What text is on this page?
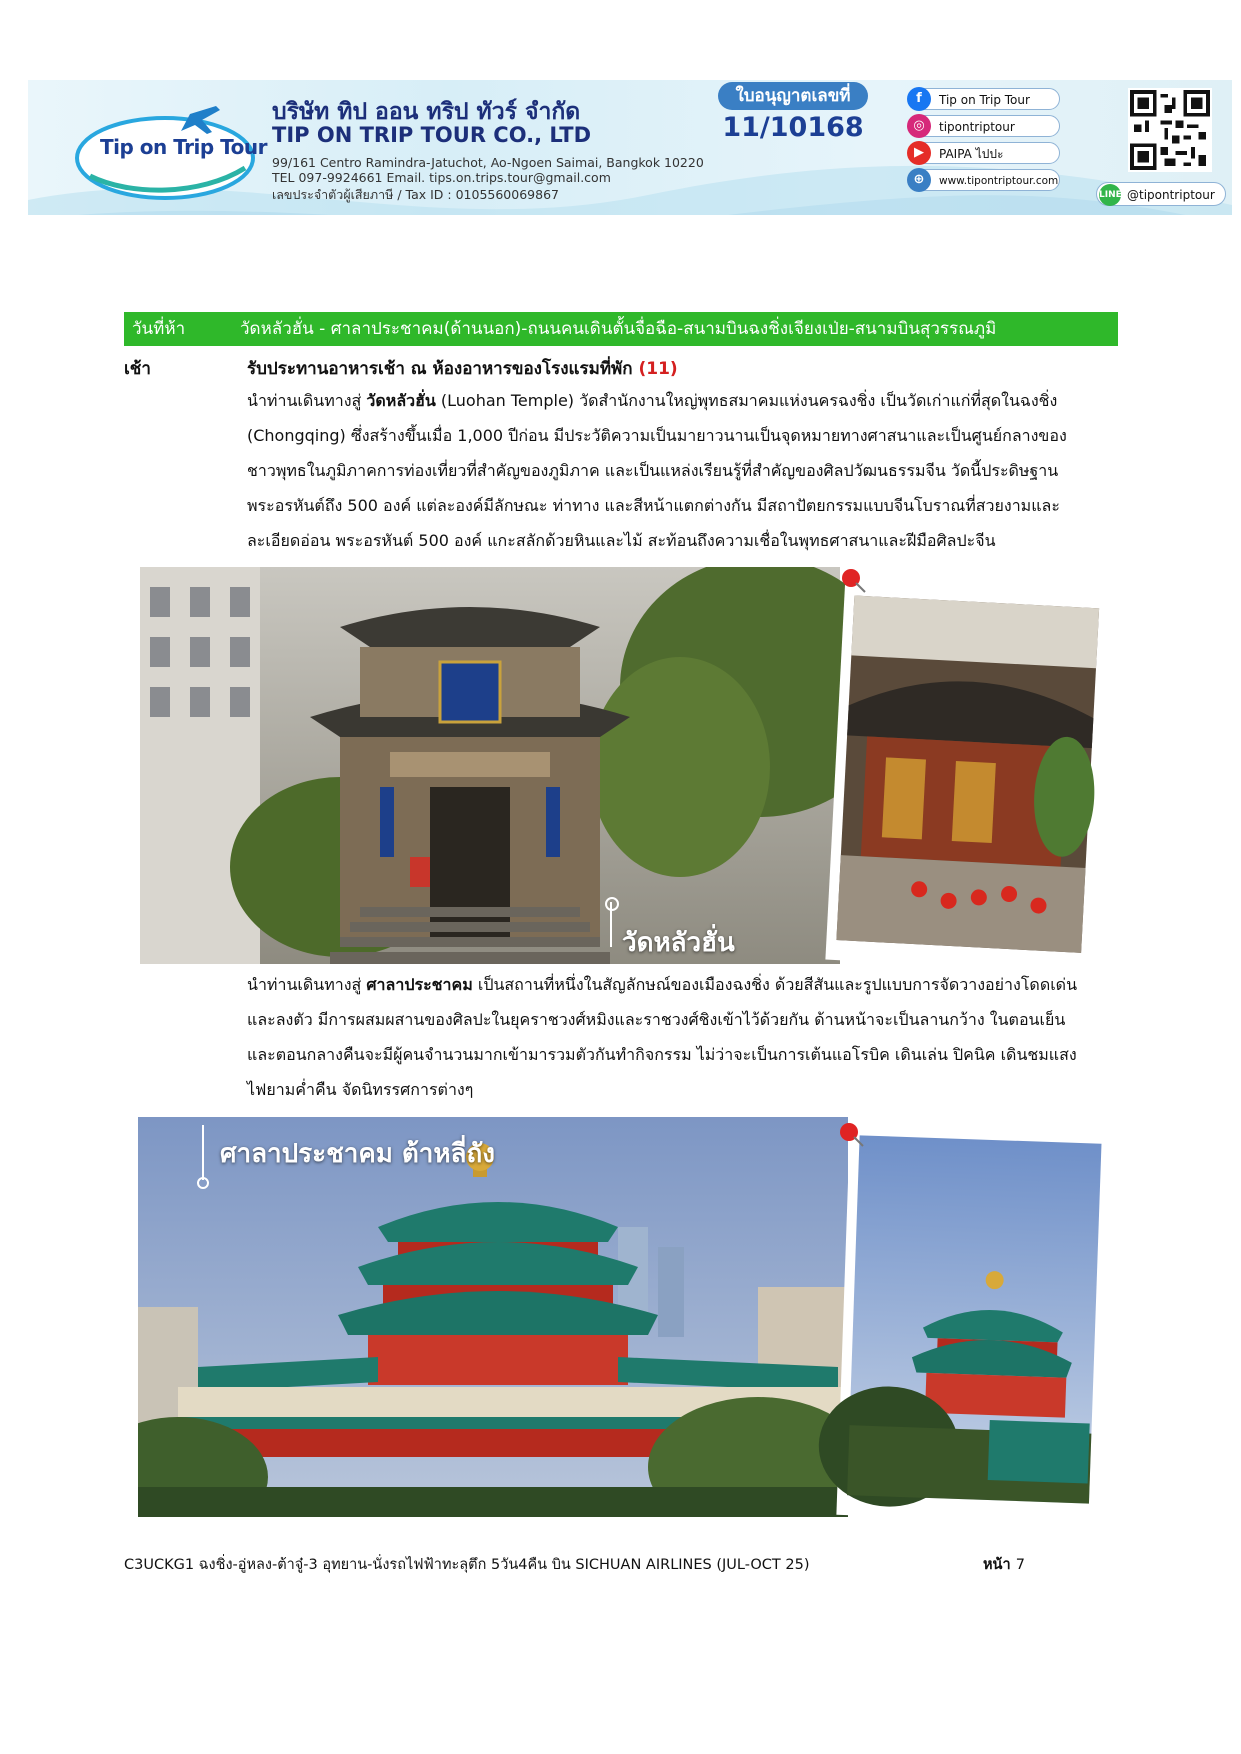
Tip on Trip Tour
บริษัท ทิป ออน ทริป ทัวร์ จำกัด
TIP ON TRIP TOUR CO., LTD
99/161 Centro Ramindra-Jatuchot, Ao-Ngoen Saimai, Bangkok 10220
TEL 097-9924661 Email. tips.on.trips.tour@gmail.com
เลขประจำตัวผู้เสียภาษี / Tax ID : 0105560069867
ใบอนุญาตเลขที่
11/10168
f	Tip on Trip Tour
◎	tipontriptour
▶	PAIPA ไปปะ
⊕	www.tipontriptour.com
LINE @tipontriptour
วันที่ห้า	วัดหลัวฮั่น - ศาลาประชาคม(ด้านนอก)-ถนนคนเดินตั้นจื่อฉือ-สนามบินฉงชิ่งเจียงเป่ย-สนามบินสุวรรณภูมิ
เช้า	รับประทานอาหารเช้า ณ ห้องอาหารของโรงแรมที่พัก (11)
นำท่านเดินทางสู่ วัดหลัวฮั่น (Luohan Temple) วัดสำนักงานใหญ่พุทธสมาคมแห่งนครฉงชิ่ง เป็นวัดเก่าแก่ที่สุดในฉงชิ่ง
(Chongqing) ซึ่งสร้างขึ้นเมื่อ 1,000 ปีก่อน มีประวัติความเป็นมายาวนานเป็นจุดหมายทางศาสนาและเป็นศูนย์กลางของ
ชาวพุทธในภูมิภาคการท่องเที่ยวที่สำคัญของภูมิภาค และเป็นแหล่งเรียนรู้ที่สำคัญของศิลปวัฒนธรรมจีน วัดนี้ประดิษฐาน
พระอรหันต์ถึง 500 องค์ แต่ละองค์มีลักษณะ ท่าทาง และสีหน้าแตกต่างกัน มีสถาปัตยกรรมแบบจีนโบราณที่สวยงามและ
ละเอียดอ่อน พระอรหันต์ 500 องค์ แกะสลักด้วยหินและไม้ สะท้อนถึงความเชื่อในพุทธศาสนาและฝีมือศิลปะจีน
วัดหลัวฮั่น
นำท่านเดินทางสู่ ศาลาประชาคม เป็นสถานที่หนึ่งในสัญลักษณ์ของเมืองฉงชิ่ง ด้วยสีสันและรูปแบบการจัดวางอย่างโดดเด่น
และลงตัว มีการผสมผสานของศิลปะในยุคราชวงศ์หมิงและราชวงศ์ชิงเข้าไว้ด้วยกัน ด้านหน้าจะเป็นลานกว้าง ในตอนเย็น
และตอนกลางคืนจะมีผู้คนจำนวนมากเข้ามารวมตัวกันทำกิจกรรม ไม่ว่าจะเป็นการเต้นแอโรบิค เดินเล่น ปิคนิค เดินชมแสง
ไฟยามค่ำคืน จัดนิทรรศการต่างๆ
ศาลาประชาคม ต้าหลี่ถัง
C3UCKG1 ฉงชิ่ง-อู่หลง-ต้าจู๋-3 อุทยาน-นั่งรถไฟฟ้าทะลุตึก 5วัน4คืน บิน SICHUAN AIRLINES (JUL-OCT 25)	หน้า 7
